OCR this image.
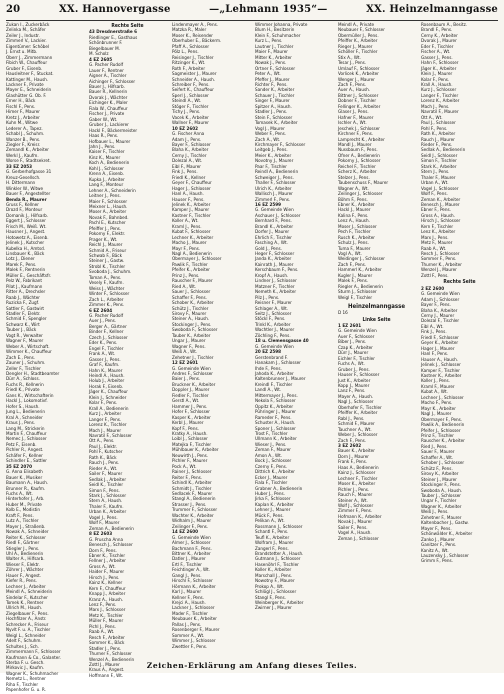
20	XX. Hannovergasse	—„Lehmann 1935“—	XX. Heinzelmanngasse
Zukan I., Zuckerbäck
Zelinka M., Schäfer
Zeiler J., Industr.
Zimmerl V., Lackier.
Eigentümer: Schöbel
J. Ernst u. Mitb.
Oberr J., Zimmermann
Fibich W., Chauffeur
Gruber F., Eisenb.
Hausleitner F., Stuckat.
Kattinger M., Haush.
Lackner F., Private
Mayer E., Schneiderin
Glashütter G. Ob. F.
Erner H., Bäck
Fischl F., Pens.
Himer F., Maurer
Kretz J., Arbeiter
Kuhn M., Witwe
Lederer A., Tapez.
Schabl J., Schuhm.
Wanzer B., Pens.
Ziegler F., Kreisr.
Zemandl K., Arbeiter
Werkl J., Kaufm.
Worse F., Stadtsekret.
33 EZ 2053
G. Gerberhofgasse 31
Kreuz-Gesellsch.
H. Dittermann
Winkler W., Witwe
Bauer F., Angestellter
Benda R., Maurer
Gruss F., Kellner
Drozd F., Monteur
Domanik J., Hilfsarb.
Eggert J., Schlosser
Frisch M., Weiß. Wt.
Hausner J., Angest.
Hotowetz A., Eisenb.
Jelinek J., Kutscher
Kubelka H., Amtsd.
Linsbauer K., Bäck
Lotz J., Diener
Marek F., Pens.
Malek F., Rentnerin
Müller E., Geschäftsfr.
Pelz W., Fabrikant
Pilat J., Kaufmann
Ritter A., Drechsler
Raab J., Wächter
Ruzicka F., Zugf.
Sattler F., Gastwirt
Stadler F., Elektr.
Schmid F., Spengler
Schwarz K., Wirt
Tauber J., Bäck
Vogt R., Verwalter
Wagner F., Maurer
Weber A., Wirtschaft.
Wimmer K., Chauffeur
Zach E., Pens.
Zauner J., Schuhm.
Zeller F., Tischler
Dengler H., Stadtbeamter
Dürr A., Schloss.
Fuchs R., Kellnerin
Friedl K., Private
Gans K., Wirtschafterin
Hackl J., Lokomotivf.
Hofer S., Haush.
Jung L., Bedienerin
Kral A., Schneider
Kraus J., Pens.
Lang M., Strickerin
Martin F., Chauffeur
Nemec J., Schlosser
Petz F., Eisenb.
Pichler R., Angest.
Schäfer F., Kellner
Schindler E., Sattler
35 EZ 2070
G. Anna Elisabeth
Bauer K., Musiker
Baumann A., Haush.
Brunner R., Kaufm.
Fuchs A., Wt.
Hinterhofer J., Arb.
Huber M., Private
Kolb E., Modistin
Kraft F., Pens.
Lutz A., Tischler
Mayer J., Straßenb.
Nowak A., Schneider
Reiter K., Schlosser
Riedl F., Gärtner
Stiegler J., Pens.
Uhl A., Bedienerin
Walter A., Hilfsarb.
Wieser F., Elektr.
Zöhrer J., Wächter
Hauer F., Angest.
Kiefer R., Pens.
Lechner J., Arbeiter
Meindl A., Schneiderin
Sindelar F., Kutscher
Tomek K., Rentner
Ullrich M., Haush.
Ziegelbauer F., Pens.
Hochfilzer A., Anstr.
Schrecker A., Friseur
Nyvlt F. u. A., Tischler
Weigl L., Schneider
Adelt F., Schuhm.
Schultes J., Sch.
Zimmermann F., Schlosser
Kaufmann & Co., Galanter.
Sterba F. u. Gesch.
Mirkovic J., Kaufm.
Wagner K., Schuhmacher
Nemetz L., Rentner
Riha F., Tischler
Papenhofer G. u. R.
Rechte Seite
43 Dresdnerstraße 6
Riedlinger E., Gasthaus
Schönbrunner F.
Biegelbauer M.
M. Scholz
4 EZ 2605
G. Pacher Rudolf
Lauer F., Rentner
Aigner A., Tischler
Aichinger F., Schlosser
Bauer J., Hilfsarb.
Bauer R., Kellnerin
Dvorak J., Wächter
Eichinger K., Maler
Fiala W., Chauffeur
Fischer J., Private
Gaber W., Wt.
Gruber J., Lackierer
Hackl F., Bäckermeister
Haas R., Pens.
Hofbauer L., Maurer
Jahn J., Pens.
Kaiser F., Tischler
Kinz K., Maurer
Koch A., Bedienerin
Kohl J., Schlosser
Krenn A., Eisenb.
Kupka J., Arbeiter
Lang F., Monteur
Lehner A., Schneiderin
Leitner J., Pens.
Maier F., Schlosser
Meixner L., Haush.
Moser A., Arbeiter
Novak F., Bahnbed.
Pachl E., Kutscher
Pfeiffer J., Pens.
Pokorny F., Elektr.
Prager K., Wt.
Reichl J., Maurer
Schmid A., Friseur
Schwab F., Bäck
Steiner J., Gastw.
Strobl K., Tischler
Svoboda J., Schuhm.
Toman A., Pens.
Vesely F., Kaufm.
Weiss J., Wächter
Winter F., Schlosser
Zach L., Arbeiter
Zimmer K., Pens.
6 EZ 2604
G. Pacher Rudolf
Auer J., Pens.
Berger A., Gärtner
Binder F., Kellner
Czech J., Schlosser
Eder K., Pens.
Engel F., Tischler
Frank A., Wt.
Gasser J., Pens.
Graf F., Kaufm.
Hahn K., Maurer
Heindl A., Haush.
Holub J., Arbeiter
Horak F., Eisenb.
Jäger K., Chauffeur
Klein J., Schneider
Kolar F., Pens.
Krall A., Bedienerin
Kurz J., Arbeiter
Langer F., Pens.
Lorenz K., Tischler
Mach J., Maurer
Navratil F., Schlosser
Ott A., Pens.
Paul J., Elektr.
Pohl F., Kutscher
Rath K., Bäck
Rauch J., Pens.
Rieder A., Wt.
Sailer F., Maurer
Sedlak J., Arbeiter
Seidl K., Tischler
Simon F., Pens.
Stark J., Schlosser
Stern A., Haush.
Thaler F., Kaufm.
Urban K., Arbeiter
Vogel J., Pens.
Wolf F., Maurer
Zeman A., Bedienerin
8 EZ 2603
G. Pruscha Anna
Benesch J., Schlosser
Dorn F., Pens.
Ebner K., Tischler
Fellner J., Arbeiter
Gross A., Wt.
Haider F., Maurer
Hirsch J., Pens.
Kainz K., Kellner
Kern F., Chauffeur
Knapp J., Arbeiter
Kranz A., Haush.
Lenz F., Pens.
Marx J., Schlosser
Metz K., Tischler
Müller F., Maurer
Pichl J., Pens.
Raab A., Wt.
Resch F., Arbeiter
Sommer K., Bäck
Stadler J., Pens.
Thurner F., Schlosser
Wenzel A., Bedienerin
Zottl J., Maurer
Kraus A., Angest.
Hoffmann F., Wt.
Lindenmayer A., Pens.
Matzka R., Maler
Moser K., Reisender
Oberhuber E., Bäckerm.
Pfaff A., Schlosser
Pölz L., Pens.
Reisinger J., Tischler
Ritzinger K., Wt.
Roth F., Arbeiter
Sagmeister J., Maurer
Schneider A., Haush.
Schreiber F., Pens.
Seifert K., Chauffeur
Sperl J., Schlosser
Steindl A., Wt.
Stöger F., Tischler
Tichy J., Pens.
Vacek K., Arbeiter
Wallner F., Maurer
10 EZ 2602
G. Fischer Anna
Adam J., Pens.
Bayer F., Schlosser
Blaha K., Arbeiter
Cerny J., Tischler
Dolezal A., Wt.
Eibl F., Maurer
Fink J., Pens.
Friedl K., Kellner
Geyer F., Chauffeur
Hager J., Schlosser
Hanl A., Haush.
Hauser F., Pens.
Jelinek K., Arbeiter
Kamper J., Maurer
Kastner F., Tischler
Koller A., Wt.
Kraml J., Pens.
Kubat F., Schlosser
Lechner K., Arbeiter
Macho J., Maurer
Mayr F., Pens.
Nagl A., Bedienerin
Obermayer J., Schlosser
Pawlik F., Tischler
Pfeifer K., Arbeiter
Prinz J., Pens.
Rauscher F., Maurer
Ried A., Wt.
Sauer J., Schlosser
Schaffer F., Pens.
Schober K., Arbeiter
Schütz J., Tischler
Sirovy F., Maurer
Steiner A., Haush.
Stockinger J., Pens.
Swoboda F., Schlosser
Tauber K., Arbeiter
Ungar J., Maurer
Wagner F., Pens.
Weiß A., Wt.
Zehetner J., Tischler
12 EZ 2601
G. Gemeinde Wien
Andres F., Schlosser
Baier J., Pens.
Bruckner K., Arbeiter
Doppler J., Maurer
Fiedler F., Tischler
Gerstl A., Wt.
Hammer J., Pens.
Hofer F., Schlosser
Kasper K., Arbeiter
Kerbl J., Maurer
Kopf F., Pens.
Kratky A., Haush.
Loibl J., Schlosser
Matejka F., Tischler
Mühlbauer K., Arbeiter
Neuwirth J., Pens.
Pichler F., Maurer
Pock A., Wt.
Rainer J., Schlosser
Reiter F., Pens.
Schindl K., Arbeiter
Schmidt J., Tischler
Sedlacek F., Maurer
Stangl A., Bedienerin
Strasser J., Pens.
Trummer F., Schlosser
Wachter K., Arbeiter
Widhalm J., Maurer
Zeilinger F., Pens.
14 EZ 2600
G. Gemeinde Wien
Almer J., Schlosser
Bachmann F., Pens.
Bittner K., Arbeiter
Datler J., Maurer
Ertl F., Tischler
Feichtinger A., Wt.
Gangl J., Pens.
Hirschl F., Schlosser
Hörmann K., Arbeiter
Karl J., Maurer
Kellner F., Pens.
Krejci A., Haush.
Lackner J., Schlosser
Mader F., Tischler
Neubauer K., Arbeiter
Pallas J., Pens.
Rosenberger F., Maurer
Sommer A., Wt.
Wimmer J., Schlosser
Zwettler F., Pens.
Wimmer Johanna, Private
Blum H., Besitzerin
Klein F., Schuhmacher
Kurz L., Pens.
Lautner J., Tischler
Maier F., Maurer
Mitter K., Arbeiter
Nowak J., Pens.
Ortner F., Schlosser
Peter A., Wt.
Pfeffer J., Maurer
Richter F., Pens.
Sander K., Arbeiter
Schauer J., Tischler
Singer F., Maurer
Spitzer A., Haush.
Stadler J., Pens.
Stein F., Schlosser
Tomasek K., Arbeiter
Vogl J., Maurer
Weber F., Pens.
Zach A., Wt.
Kirchmayer F., Schlosser
Leitgeb J., Pens.
Meier K., Arbeiter
Novotny J., Maurer
Paar F., Tischler
Reindl A., Bedienerin
Schweiger J., Pens.
Thaller F., Schlosser
Ulrich K., Arbeiter
Wallisch J., Maurer
Zimmerl F., Pens.
16 EZ 2599
G. Gemeinde Wien
Aschauer J., Schlosser
Bernhard F., Pens.
Brandl K., Arbeiter
Dorfer J., Maurer
Ehrlich F., Tischler
Fasching A., Wt.
Gold J., Pens.
Heger F., Schlosser
Janda K., Arbeiter
Kainrath J., Maurer
Kerschbaum F., Pens.
Kropf A., Haush.
Lindner J., Schlosser
Matzner F., Tischler
Nemeth K., Arbeiter
Pilz J., Pens.
Reisner F., Maurer
Schlager A., Wt.
Seitz J., Schlosser
Stöckl F., Pens.
Trinkl K., Arbeiter
Wachtler J., Maurer
Zöchling F., Pens.
18 u. Clemensgasse 40
G. Gemeinde Wien
20 EZ 2598
Gerstenbrand F.
Hanakam J., Schlosser
Ihde F., Pens.
Jahoda K., Arbeiter
Kaltenbrunner J., Maurer
Kreindl F., Tischler
Landl A., Wt.
Mittermayer J., Pens.
Nekola F., Schlosser
Oppitz K., Arbeiter
Pühringer J., Maurer
Rameder F., Pens.
Schuster A., Haush.
Sponer J., Schlosser
Trost F., Tischler
Ullmann K., Arbeiter
Wieser J., Pens.
Zeman F., Maurer
Amon A., Wt.
Bock J., Schlosser
Czerny F., Pens.
Dittrich K., Arbeiter
Ecker J., Maurer
Fiala F., Tischler
Grabner A., Bedienerin
Huber J., Pens.
Jirka F., Schlosser
Kaplan K., Arbeiter
Lehner J., Maurer
Mück F., Pens.
Pelikan A., Wt.
Rossmann J., Schlosser
Schantl F., Pens.
Teufl K., Arbeiter
Wolfram J., Maurer
Zangerl F., Pens.
Brandstetter A., Haush.
Gutmann J., Schlosser
Hasenöhrl F., Tischler
Koller K., Arbeiter
Marschall J., Pens.
Nowotny F., Maurer
Prokop A., Wt.
Schlögl J., Schlosser
Stangl F., Pens.
Weinberger K., Arbeiter
Zwirner J., Maurer
Meindl A., Private
Neubauer F., Schlosser
Obermüller J., Pens.
Pfeiffer K., Arbeiter
Rieger J., Maurer
Schöller F., Tischler
Stix A., Wt.
Tesar J., Pens.
Umlauf F., Schlosser
Vorlicek K., Arbeiter
Wenger J., Maurer
Zach F., Pens.
Auer A., Haush.
Bittner J., Schlosser
Dobner F., Tischler
Fellinger K., Arbeiter
Glaser J., Pens.
Hafner F., Maurer
Ischler A., Wt.
Jeschek J., Schlosser
Kirchner F., Pens.
Lamprecht K., Arbeiter
Mandl J., Maurer
Nussbaum F., Pens.
Ofner A., Bedienerin
Pokorny J., Schlosser
Reichel F., Tischler
Scherz K., Arbeiter
Stelzer J., Pens.
Taubenschuss F., Maurer
Wagner A., Wt.
Zeilinger J., Schlosser
Böhm F., Pens.
Ebner K., Arbeiter
Hackl J., Maurer
Kalina F., Pens.
Lenz A., Haush.
Moser J., Schlosser
Pech F., Tischler
Rusch K., Arbeiter
Schulz J., Pens.
Tuma F., Maurer
Vogl A., Wt.
Weidinger J., Schlosser
Zach F., Pens.
Hammerl K., Arbeiter
Kugler J., Maurer
Malek F., Pens.
Riegler A., Bedienerin
Sturm J., Schlosser
Weigl F., Tischler
Heinzelmanngasse
D 16
Linke Seite
1 EZ 2601
G. Gemeinde Wien
Auer F., Schlosser
Biber J., Pens.
Czap K., Arbeiter
Dürr J., Maurer
Eichler F., Tischler
Fuchs A., Wt.
Gruber J., Pens.
Hauser F., Schlosser
Just K., Arbeiter
Kopp J., Maurer
Lanz F., Pens.
Mayer A., Haush.
Nagl J., Schlosser
Oberhofer F., Tischler
Pfeiffer K., Arbeiter
Rabl J., Pens.
Schmid F., Maurer
Tauchner A., Wt.
Weber J., Schlosser
Zach F., Pens.
3 EZ 2602
Bauer K., Arbeiter
Dorn J., Maurer
Frank F., Pens.
Haas A., Bedienerin
Kainz J., Schlosser
Lechner F., Tischler
Moser K., Arbeiter
Pichler J., Pens.
Rauch F., Maurer
Steiner A., Wt.
Wolf J., Schlosser
Zimmer F., Pens.
Hofmann K., Arbeiter
Novak J., Maurer
Sailer F., Pens.
Vogel A., Haush.
Zeman J., Schlosser
Rosenbaum A., Besitz.
Brandl F., Pens.
Cerny K., Arbeiter
Dvorak J., Maurer
Eder F., Tischler
Fischer A., Wt.
Gasser J., Pens.
Hahn F., Schlosser
Jäger K., Arbeiter
Klein J., Maurer
Kolar F., Pens.
Krall A., Haush.
Kurz J., Schlosser
Langer F., Tischler
Lorenz K., Arbeiter
Mach J., Pens.
Navratil F., Maurer
Ott A., Wt.
Paul J., Schlosser
Pohl F., Pens.
Rath K., Arbeiter
Rauch J., Maurer
Rieder F., Pens.
Sedlak A., Bedienerin
Seidl J., Schlosser
Simon F., Tischler
Stark K., Arbeiter
Stern J., Pens.
Thaler F., Maurer
Urban A., Wt.
Vogel J., Schlosser
Wolf F., Pens.
Zeman K., Arbeiter
Benesch J., Maurer
Ebner F., Pens.
Gross A., Haush.
Hirsch J., Schlosser
Kern F., Tischler
Lenz K., Arbeiter
Marx J., Pens.
Metz F., Maurer
Raab A., Wt.
Resch J., Schlosser
Sommer F., Pens.
Thurner K., Arbeiter
Wenzel J., Maurer
Zottl F., Pens.
Rechte Seite
2 EZ 2600
G. Gemeinde Wien
Adam J., Schlosser
Bayer F., Pens.
Blaha K., Arbeiter
Cerny J., Maurer
Dolezal F., Tischler
Eibl A., Wt.
Fink J., Pens.
Friedl F., Schlosser
Geyer K., Arbeiter
Hager J., Maurer
Hanl F., Pens.
Hauser A., Haush.
Jelinek J., Schlosser
Kamper F., Tischler
Kastner K., Arbeiter
Koller J., Pens.
Kraml F., Maurer
Kubat A., Wt.
Lechner J., Schlosser
Macho F., Pens.
Mayr K., Arbeiter
Nagl J., Maurer
Obermayer F., Pens.
Pawlik A., Bedienerin
Pfeifer J., Schlosser
Prinz F., Tischler
Rauscher K., Arbeiter
Ried J., Pens.
Sauer F., Maurer
Schaffer A., Wt.
Schober J., Schlosser
Schütz F., Pens.
Sirovy K., Arbeiter
Steiner J., Maurer
Stockinger F., Pens.
Swoboda A., Haush.
Tauber J., Schlosser
Ungar F., Tischler
Wagner K., Arbeiter
Weiß J., Pens.
Zehetner F., Maurer
Kaltenbacher J., Gastw.
Mayer F., Pens.
Schönwälder K., Arbeiter
Zanko J., Maurer
Ganitzer F., Pens.
Kanitz A., Wt.
Lauzensky J., Schlosser
Grimm F., Pens.
Zeichen-Erklärung am Anfang dieses Teiles.
